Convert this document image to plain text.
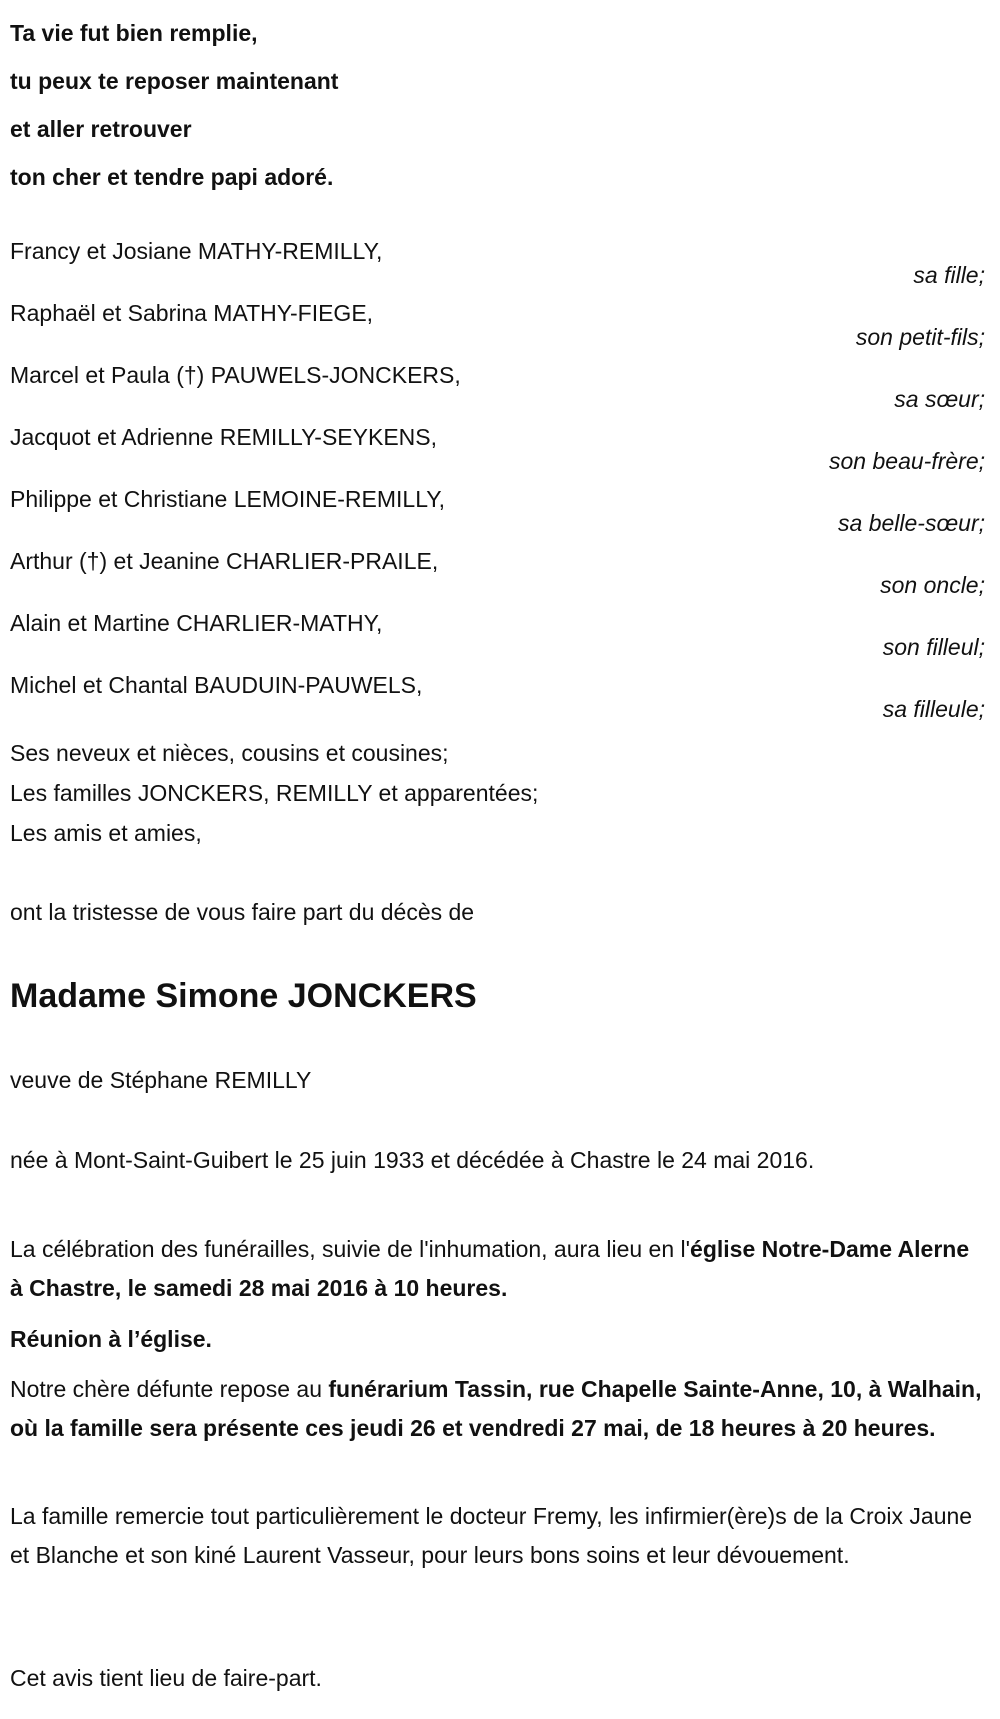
Ta vie fut bien remplie,
tu peux te reposer maintenant
et aller retrouver
ton cher et tendre papi adoré.
Francy et Josiane MATHY-REMILLY,
sa fille;
Raphaël et Sabrina MATHY-FIEGE,
son petit-fils;
Marcel et Paula (†) PAUWELS-JONCKERS,
sa sœur;
Jacquot et Adrienne REMILLY-SEYKENS,
son beau-frère;
Philippe et Christiane LEMOINE-REMILLY,
sa belle-sœur;
Arthur (†) et Jeanine CHARLIER-PRAILE,
son oncle;
Alain et Martine CHARLIER-MATHY,
son filleul;
Michel et Chantal BAUDUIN-PAUWELS,
sa filleule;
Ses neveux et nièces, cousins et cousines;
Les familles JONCKERS, REMILLY et apparentées;
Les amis et amies,
ont la tristesse de vous faire part du décès de
Madame Simone JONCKERS
veuve de Stéphane REMILLY
née à Mont-Saint-Guibert le 25 juin 1933 et décédée à Chastre le 24 mai 2016.

La célébration des funérailles, suivie de l'inhumation, aura lieu en l'église Notre-Dame Alerne à Chastre, le samedi 28 mai 2016 à 10 heures.

Réunion à l’église.

Notre chère défunte repose au funérarium Tassin, rue Chapelle Sainte-Anne, 10, à Walhain, où la famille sera présente ces jeudi 26 et vendredi 27 mai, de 18 heures à 20 heures.

La famille remercie tout particulièrement le docteur Fremy, les infirmier(ère)s de la Croix Jaune et Blanche et son kiné Laurent Vasseur, pour leurs bons soins et leur dévouement.
Cet avis tient lieu de faire-part.
